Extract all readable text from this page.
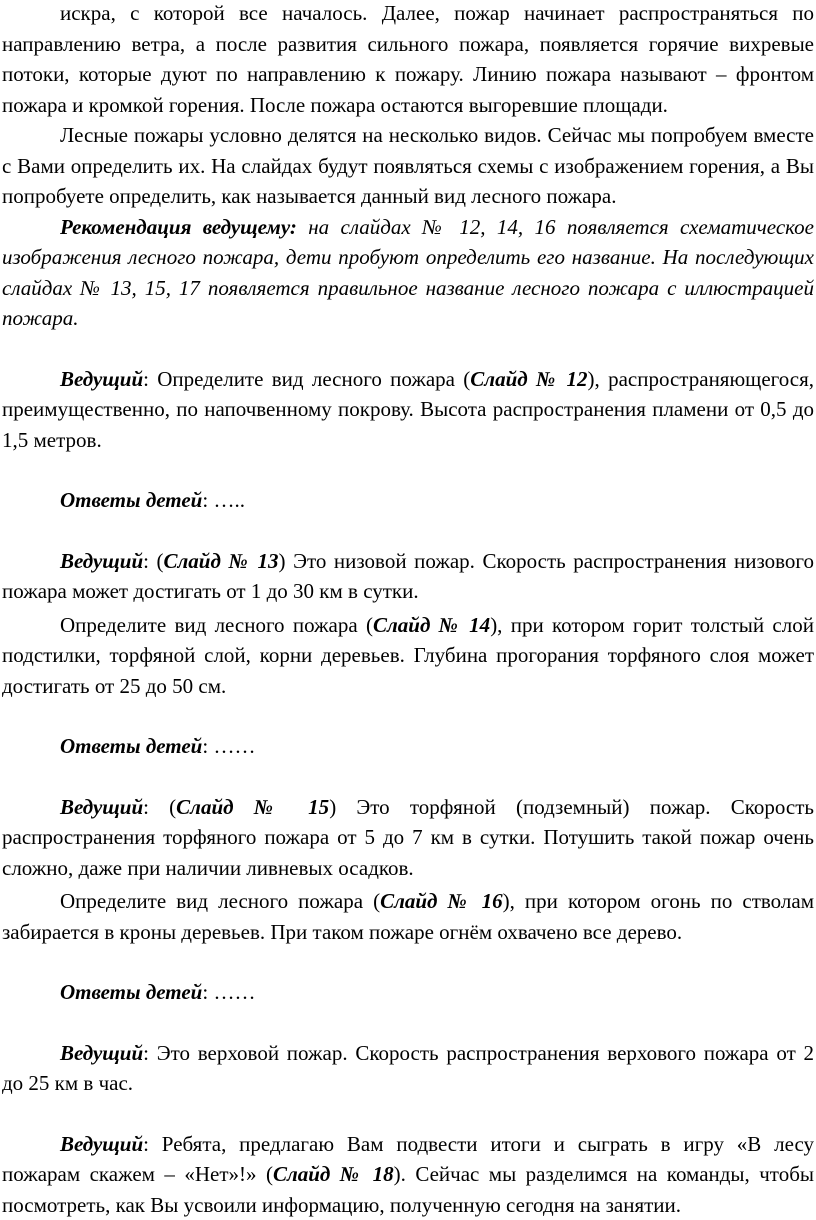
искра, с которой все началось. Далее, пожар начинает распространяться по направлению ветра, а после развития сильного пожара, появляется горячие вихревые потоки, которые дуют по направлению к пожару. Линию пожара называют – фронтом пожара и кромкой горения. После пожара остаются выгоревшие площади.

Лесные пожары условно делятся на несколько видов. Сейчас мы попробуем вместе с Вами определить их. На слайдах будут появляться схемы с изображением горения, а Вы попробуете определить, как называется данный вид лесного пожара.

Рекомендация ведущему: на слайдах № 12, 14, 16 появляется схематическое изображения лесного пожара, дети пробуют определить его название. На последующих слайдах № 13, 15, 17 появляется правильное название лесного пожара с иллюстрацией пожара.

Ведущий: Определите вид лесного пожара (Слайд № 12), распространяющегося, преимущественно, по напочвенному покрову. Высота распространения пламени от 0,5 до 1,5 метров.

Ответы детей: …..

Ведущий: (Слайд № 13) Это низовой пожар. Скорость распространения низового пожара может достигать от 1 до 30 км в сутки.

Определите вид лесного пожара (Слайд № 14), при котором горит толстый слой подстилки, торфяной слой, корни деревьев. Глубина прогорания торфяного слоя может достигать от 25 до 50 см.

Ответы детей: ……

Ведущий: (Слайд № 15) Это торфяной (подземный) пожар. Скорость распространения торфяного пожара от 5 до 7 км в сутки. Потушить такой пожар очень сложно, даже при наличии ливневых осадков.

Определите вид лесного пожара (Слайд № 16), при котором огонь по стволам забирается в кроны деревьев. При таком пожаре огнём охвачено все дерево.

Ответы детей: ……

Ведущий: Это верховой пожар. Скорость распространения верхового пожара от 2 до 25 км в час.

Ведущий: Ребята, предлагаю Вам подвести итоги и сыграть в игру «В лесу пожарам скажем – «Нет»!» (Слайд № 18). Сейчас мы разделимся на команды, чтобы посмотреть, как Вы усвоили информацию, полученную сегодня на занятии.
